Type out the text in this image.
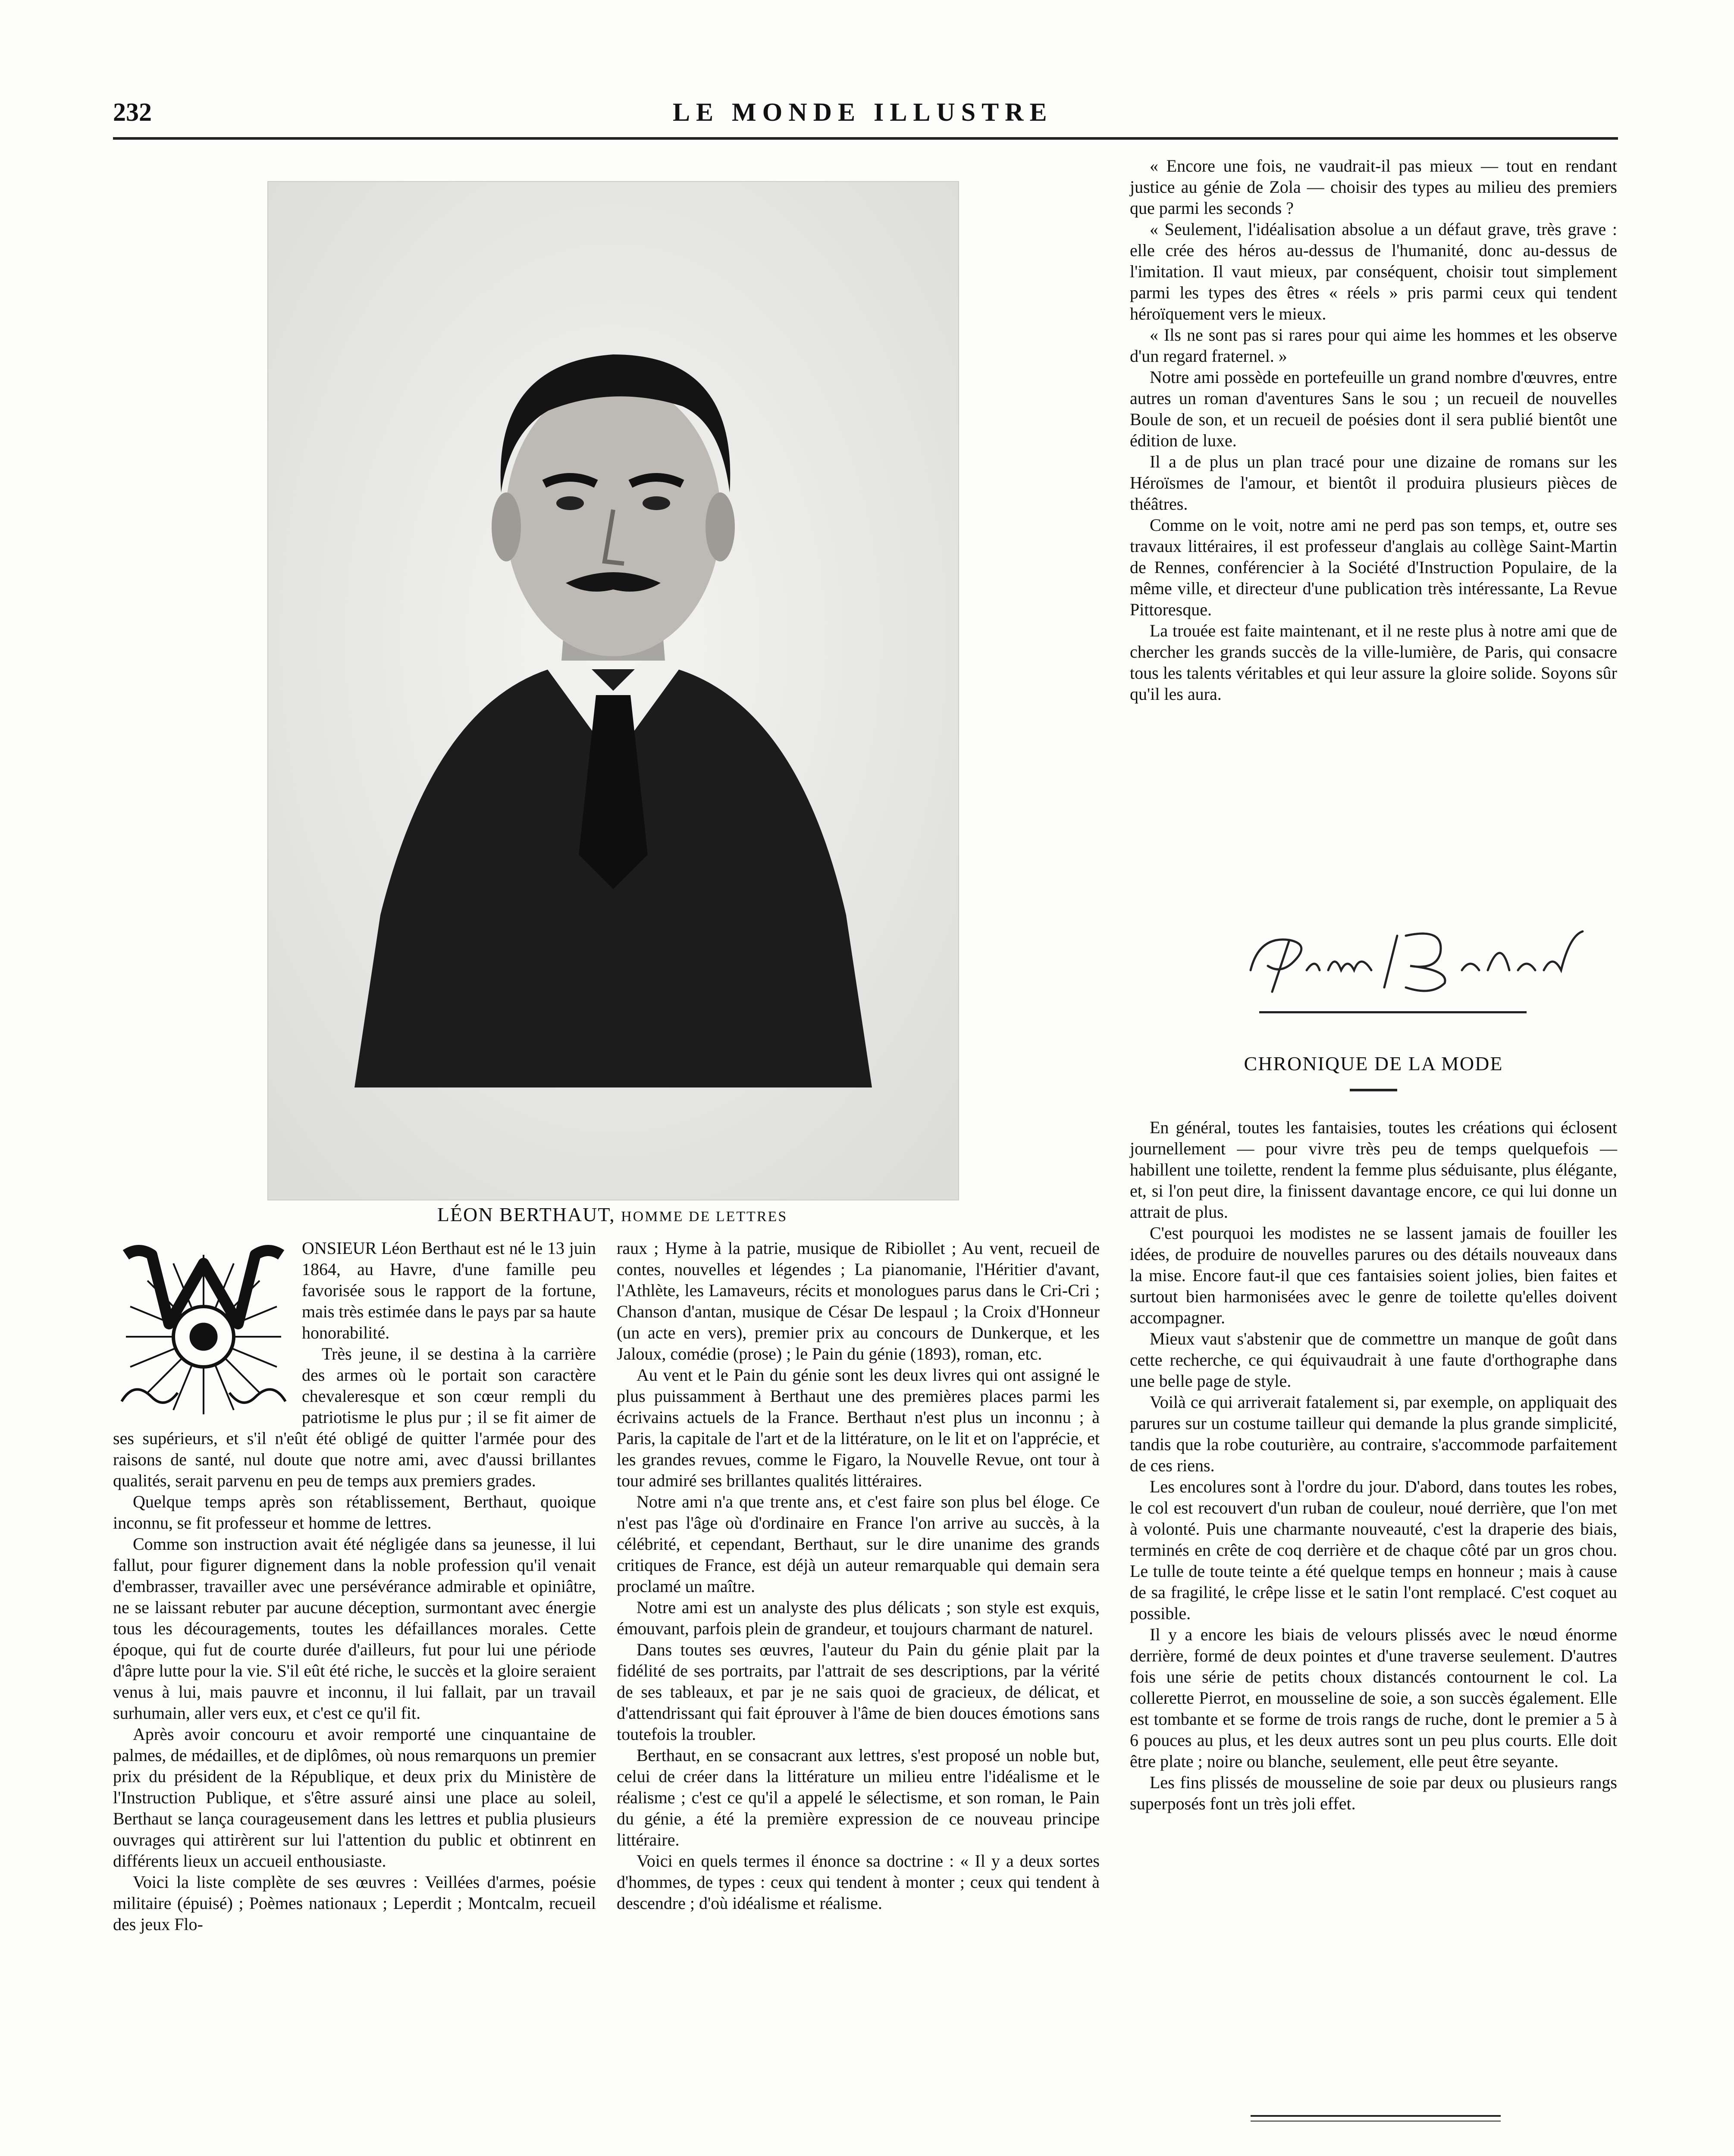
232	LE MONDE ILLUSTRE
LÉON BERTHAUT, HOMME DE LETTRES

ONSIEUR Léon Berthaut est né le 13 juin 1864, au Havre, d'une famille peu favorisée sous le rapport de la fortune, mais très estimée dans le pays par sa haute honorabilité.

Très jeune, il se destina à la carrière des armes où le portait son caractère chevaleresque et son cœur rempli du patriotisme le plus pur ; il se fit aimer de ses supérieurs, et s'il n'eût été obligé de quitter l'armée pour des raisons de santé, nul doute que notre ami, avec d'aussi brillantes qualités, serait parvenu en peu de temps aux premiers grades.

Quelque temps après son rétablissement, Berthaut, quoique inconnu, se fit professeur et homme de lettres.

Comme son instruction avait été négligée dans sa jeunesse, il lui fallut, pour figurer dignement dans la noble profession qu'il venait d'embrasser, travailler avec une persévérance admirable et opiniâtre, ne se laissant rebuter par aucune déception, surmontant avec énergie tous les découragements, toutes les défaillances morales. Cette époque, qui fut de courte durée d'ailleurs, fut pour lui une période d'âpre lutte pour la vie. S'il eût été riche, le succès et la gloire seraient venus à lui, mais pauvre et inconnu, il lui fallait, par un travail surhumain, aller vers eux, et c'est ce qu'il fit.

Après avoir concouru et avoir remporté une cinquantaine de palmes, de médailles, et de diplômes, où nous remarquons un premier prix du président de la République, et deux prix du Ministère de l'Instruction Publique, et s'être assuré ainsi une place au soleil, Berthaut se lança courageusement dans les lettres et publia plusieurs ouvrages qui attirèrent sur lui l'attention du public et obtinrent en différents lieux un accueil enthousiaste.

Voici la liste complète de ses œuvres : Veillées d'armes, poésie militaire (épuisé) ; Poèmes nationaux ; Leperdit ; Montcalm, recueil des jeux Flo-

raux ; Hyme à la patrie, musique de Ribiollet ; Au vent, recueil de contes, nouvelles et légendes ; La pianomanie, l'Héritier d'avant, l'Athlète, les Lamaveurs, récits et monologues parus dans le Cri-Cri ; Chanson d'antan, musique de César De lespaul ; la Croix d'Honneur (un acte en vers), premier prix au concours de Dunkerque, et les Jaloux, comédie (prose) ; le Pain du génie (1893), roman, etc.

Au vent et le Pain du génie sont les deux livres qui ont assigné le plus puissamment à Berthaut une des premières places parmi les écrivains actuels de la France. Berthaut n'est plus un inconnu ; à Paris, la capitale de l'art et de la littérature, on le lit et on l'apprécie, et les grandes revues, comme le Figaro, la Nouvelle Revue, ont tour à tour admiré ses brillantes qualités littéraires.

Notre ami n'a que trente ans, et c'est faire son plus bel éloge. Ce n'est pas l'âge où d'ordinaire en France l'on arrive au succès, à la célébrité, et cependant, Berthaut, sur le dire unanime des grands critiques de France, est déjà un auteur remarquable qui demain sera proclamé un maître.

Notre ami est un analyste des plus délicats ; son style est exquis, émouvant, parfois plein de grandeur, et toujours charmant de naturel.

Dans toutes ses œuvres, l'auteur du Pain du génie plait par la fidélité de ses portraits, par l'attrait de ses descriptions, par la vérité de ses tableaux, et par je ne sais quoi de gracieux, de délicat, et d'attendrissant qui fait éprouver à l'âme de bien douces émotions sans toutefois la troubler.

Berthaut, en se consacrant aux lettres, s'est proposé un noble but, celui de créer dans la littérature un milieu entre l'idéalisme et le réalisme ; c'est ce qu'il a appelé le sélectisme, et son roman, le Pain du génie, a été la première expression de ce nouveau principe littéraire.

Voici en quels termes il énonce sa doctrine : « Il y a deux sortes d'hommes, de types : ceux qui tendent à monter ; ceux qui tendent à descendre ; d'où idéalisme et réalisme.

« Encore une fois, ne vaudrait-il pas mieux — tout en rendant justice au génie de Zola — choisir des types au milieu des premiers que parmi les seconds ?

« Seulement, l'idéalisation absolue a un défaut grave, très grave : elle crée des héros au-dessus de l'humanité, donc au-dessus de l'imitation. Il vaut mieux, par conséquent, choisir tout simplement parmi les types des êtres « réels » pris parmi ceux qui tendent héroïquement vers le mieux.

« Ils ne sont pas si rares pour qui aime les hommes et les observe d'un regard fraternel. »

Notre ami possède en portefeuille un grand nombre d'œuvres, entre autres un roman d'aventures Sans le sou ; un recueil de nouvelles Boule de son, et un recueil de poésies dont il sera publié bientôt une édition de luxe.

Il a de plus un plan tracé pour une dizaine de romans sur les Héroïsmes de l'amour, et bientôt il produira plusieurs pièces de théâtres.

Comme on le voit, notre ami ne perd pas son temps, et, outre ses travaux littéraires, il est professeur d'anglais au collège Saint-Martin de Rennes, conférencier à la Société d'Instruction Populaire, de la même ville, et directeur d'une publication très intéressante, La Revue Pittoresque.

La trouée est faite maintenant, et il ne reste plus à notre ami que de chercher les grands succès de la ville-lumière, de Paris, qui consacre tous les talents véritables et qui leur assure la gloire solide. Soyons sûr qu'il les aura.

CHRONIQUE DE LA MODE

En général, toutes les fantaisies, toutes les créations qui éclosent journellement — pour vivre très peu de temps quelquefois — habillent une toilette, rendent la femme plus séduisante, plus élégante, et, si l'on peut dire, la finissent davantage encore, ce qui lui donne un attrait de plus.

C'est pourquoi les modistes ne se lassent jamais de fouiller les idées, de produire de nouvelles parures ou des détails nouveaux dans la mise. Encore faut-il que ces fantaisies soient jolies, bien faites et surtout bien harmonisées avec le genre de toilette qu'elles doivent accompagner.

Mieux vaut s'abstenir que de commettre un manque de goût dans cette recherche, ce qui équivaudrait à une faute d'orthographe dans une belle page de style.

Voilà ce qui arriverait fatalement si, par exemple, on appliquait des parures sur un costume tailleur qui demande la plus grande simplicité, tandis que la robe couturière, au contraire, s'accommode parfaitement de ces riens.

Les encolures sont à l'ordre du jour. D'abord, dans toutes les robes, le col est recouvert d'un ruban de couleur, noué derrière, que l'on met à volonté. Puis une charmante nouveauté, c'est la draperie des biais, terminés en crête de coq derrière et de chaque côté par un gros chou. Le tulle de toute teinte a été quelque temps en honneur ; mais à cause de sa fragilité, le crêpe lisse et le satin l'ont remplacé. C'est coquet au possible.

Il y a encore les biais de velours plissés avec le nœud énorme derrière, formé de deux pointes et d'une traverse seulement. D'autres fois une série de petits choux distancés contournent le col. La collerette Pierrot, en mousseline de soie, a son succès également. Elle est tombante et se forme de trois rangs de ruche, dont le premier a 5 à 6 pouces au plus, et les deux autres sont un peu plus courts. Elle doit être plate ; noire ou blanche, seulement, elle peut être seyante.

Les fins plissés de mousseline de soie par deux ou plusieurs rangs superposés font un très joli effet.
